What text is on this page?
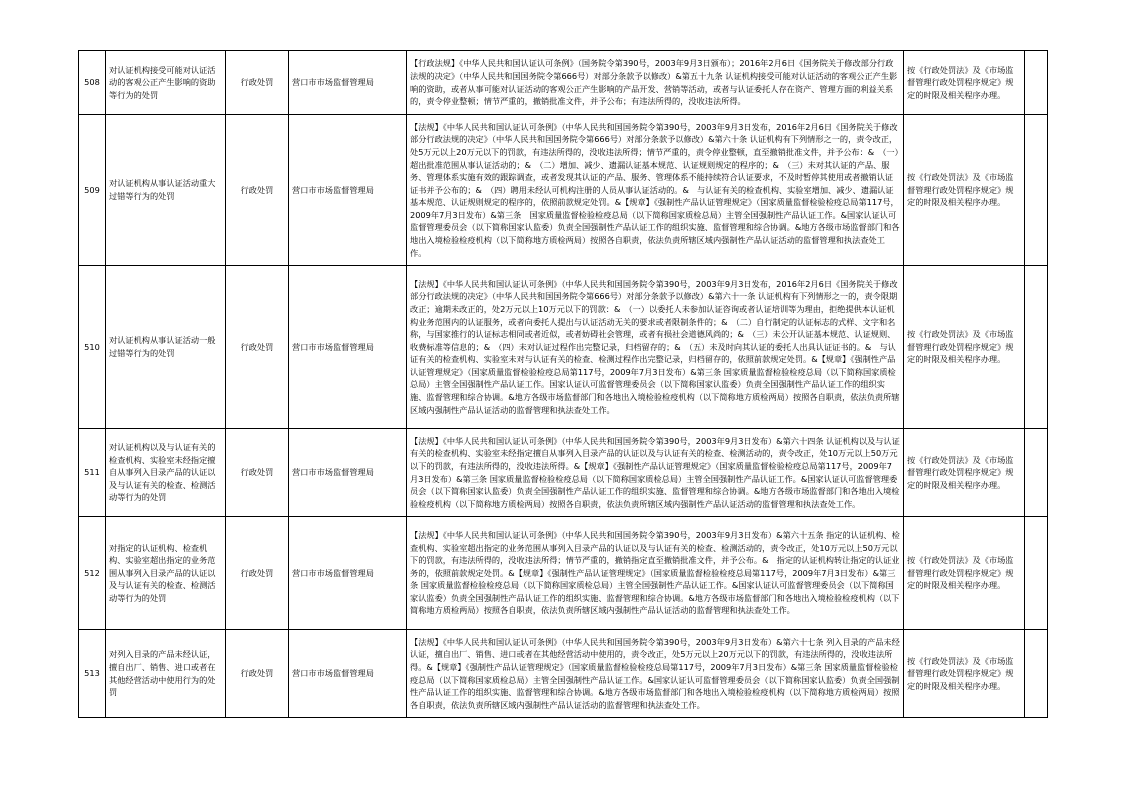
508	对认证机构接受可能对认证活动的客观公正产生影响的资助等行为的处罚	行政处罚	营口市市场监督管理局	【行政法规】《中华人民共和国认证认可条例》（国务院令第390号，2003年9月3日颁布）；2016年2月6日《国务院关于修改部分行政法规的决定》（中华人民共和国国务院令第666号）对部分条款予以修改）&第五十九条 认证机构接受可能对认证活动的客观公正产生影响的资助，或者从事可能对认证活动的客观公正产生影响的产品开发、营销等活动，或者与认证委托人存在资产、管理方面的利益关系的，责令停业整顿；情节严重的，撤销批准文件，并予公布；有违法所得的，没收违法所得。	按《行政处罚法》及《市场监督管理行政处罚程序规定》规定的时限及相关程序办理。	
509	对认证机构从事认证活动重大过错等行为的处罚	行政处罚	营口市市场监督管理局	【法规】《中华人民共和国认证认可条例》（中华人民共和国国务院令第390号，2003年9月3日发布，2016年2月6日《国务院关于修改部分行政法规的决定》（中华人民共和国国务院令第666号）对部分条款予以修改）&第六十条 认证机构有下列情形之一的，责令改正，处5万元以上20万元以下的罚款，有违法所得的，没收违法所得；情节严重的，责令停业整顿，直至撤销批准文件，并予公布：&　（一）超出批准范围从事认证活动的；&　（二）增加、减少、遗漏认证基本规范、认证规则规定的程序的；&　（三）未对其认证的产品、服务、管理体系实施有效的跟踪调查，或者发现其认证的产品、服务、管理体系不能持续符合认证要求，不及时暂停其使用或者撤销认证证书并予公布的；&　（四）聘用未经认可机构注册的人员从事认证活动的。&　与认证有关的检查机构、实验室增加、减少、遗漏认证基本规范、认证规则规定的程序的，依照前款规定处罚。&【规章】《强制性产品认证管理规定》（国家质量监督检验检疫总局第117号，2009年7月3日发布）&第三条　国家质量监督检验检疫总局（以下简称国家质检总局）主管全国强制性产品认证工作。&国家认证认可监督管理委员会（以下简称国家认监委）负责全国强制性产品认证工作的组织实施、监督管理和综合协调。&地方各级市场监督部门和各地出入境检验检疫机构（以下简称地方质检两局）按照各自职责，依法负责所辖区域内强制性产品认证活动的监督管理和执法查处工作。	按《行政处罚法》及《市场监督管理行政处罚程序规定》规定的时限及相关程序办理。	
510	对认证机构从事认证活动一般过错等行为的处罚	行政处罚	营口市市场监督管理局	【法规】《中华人民共和国认证认可条例》（中华人民共和国国务院令第390号，2003年9月3日发布，2016年2月6日《国务院关于修改部分行政法规的决定》（中华人民共和国国务院令第666号）对部分条款予以修改）&第六十一条 认证机构有下列情形之一的，责令限期改正；逾期未改正的，处2万元以上10万元以下的罚款：&　（一）以委托人未参加认证咨询或者认证培训等为理由，拒绝提供本认证机构业务范围内的认证服务，或者向委托人提出与认证活动无关的要求或者限制条件的；&　（二）自行制定的认证标志的式样、文字和名称，与国家推行的认证标志相同或者近似，或者妨碍社会管理，或者有损社会道德风尚的；&　（三）未公开认证基本规范、认证规则、收费标准等信息的；&　（四）未对认证过程作出完整记录，归档留存的；&　（五）未及时向其认证的委托人出具认证证书的。&　与认证有关的检查机构、实验室未对与认证有关的检查、检测过程作出完整记录，归档留存的，依照前款规定处罚。&【规章】《强制性产品认证管理规定》（国家质量监督检验检疫总局第117号，2009年7月3日发布）&第三条 国家质量监督检验检疫总局（以下简称国家质检总局）主管全国强制性产品认证工作。国家认证认可监督管理委员会（以下简称国家认监委）负责全国强制性产品认证工作的组织实施、监督管理和综合协调。&地方各级市场监督部门和各地出入境检验检疫机构（以下简称地方质检两局）按照各自职责，依法负责所辖区域内强制性产品认证活动的监督管理和执法查处工作。	按《行政处罚法》及《市场监督管理行政处罚程序规定》规定的时限及相关程序办理。	
511	对认证机构以及与认证有关的检查机构、实验室未经指定擅自从事列入目录产品的认证以及与认证有关的检查、检测活动等行为的处罚	行政处罚	营口市市场监督管理局	【法规】《中华人民共和国认证认可条例》（中华人民共和国国务院令第390号，2003年9月3日发布）&第六十四条 认证机构以及与认证有关的检查机构、实验室未经指定擅自从事列入目录产品的认证以及与认证有关的检查、检测活动的，责令改正，处10万元以上50万元以下的罚款，有违法所得的，没收违法所得。&【规章】《强制性产品认证管理规定》（国家质量监督检验检疫总局第117号，2009年7月3日发布）&第三条 国家质量监督检验检疫总局（以下简称国家质检总局）主管全国强制性产品认证工作。&国家认证认可监督管理委员会（以下简称国家认监委）负责全国强制性产品认证工作的组织实施、监督管理和综合协调。&地方各级市场监督部门和各地出入境检验检疫机构（以下简称地方质检两局）按照各自职责，依法负责所辖区域内强制性产品认证活动的监督管理和执法查处工作。	按《行政处罚法》及《市场监督管理行政处罚程序规定》规定的时限及相关程序办理。	
512	对指定的认证机构、检查机构、实验室超出指定的业务范围从事列入目录产品的认证以及与认证有关的检查、检测活动等行为的处罚	行政处罚	营口市市场监督管理局	【法规】《中华人民共和国认证认可条例》（中华人民共和国国务院令第390号，2003年9月3日发布）&第六十五条 指定的认证机构、检查机构、实验室超出指定的业务范围从事列入目录产品的认证以及与认证有关的检查、检测活动的，责令改正，处10万元以上50万元以下的罚款，有违法所得的，没收违法所得；情节严重的，撤销指定直至撤销批准文件，并予公布。&　指定的认证机构转让指定的认证业务的，依照前款规定处罚。&【规章】《强制性产品认证管理规定》（国家质量监督检验检疫总局第117号，2009年7月3日发布）&第三条 国家质量监督检验检疫总局（以下简称国家质检总局）主管全国强制性产品认证工作。&国家认证认可监督管理委员会（以下简称国家认监委）负责全国强制性产品认证工作的组织实施、监督管理和综合协调。&地方各级市场监督部门和各地出入境检验检疫机构（以下简称地方质检两局）按照各自职责，依法负责所辖区域内强制性产品认证活动的监督管理和执法查处工作。	按《行政处罚法》及《市场监督管理行政处罚程序规定》规定的时限及相关程序办理。	
513	对列入目录的产品未经认证，擅自出厂、销售、进口或者在其他经营活动中使用行为的处罚	行政处罚	营口市市场监督管理局	【法规】《中华人民共和国认证认可条例》（中华人民共和国国务院令第390号，2003年9月3日发布）&第六十七条 列入目录的产品未经认证，擅自出厂、销售、进口或者在其他经营活动中使用的，责令改正，处5万元以上20万元以下的罚款，有违法所得的，没收违法所得。&【规章】《强制性产品认证管理规定》（国家质量监督检验检疫总局第117号，2009年7月3日发布）&第三条 国家质量监督检验检疫总局（以下简称国家质检总局）主管全国强制性产品认证工作。&国家认证认可监督管理委员会（以下简称国家认监委）负责全国强制性产品认证工作的组织实施、监督管理和综合协调。&地方各级市场监督部门和各地出入境检验检疫机构（以下简称地方质检两局）按照各自职责，依法负责所辖区域内强制性产品认证活动的监督管理和执法查处工作。	按《行政处罚法》及《市场监督管理行政处罚程序规定》规定的时限及相关程序办理。	
